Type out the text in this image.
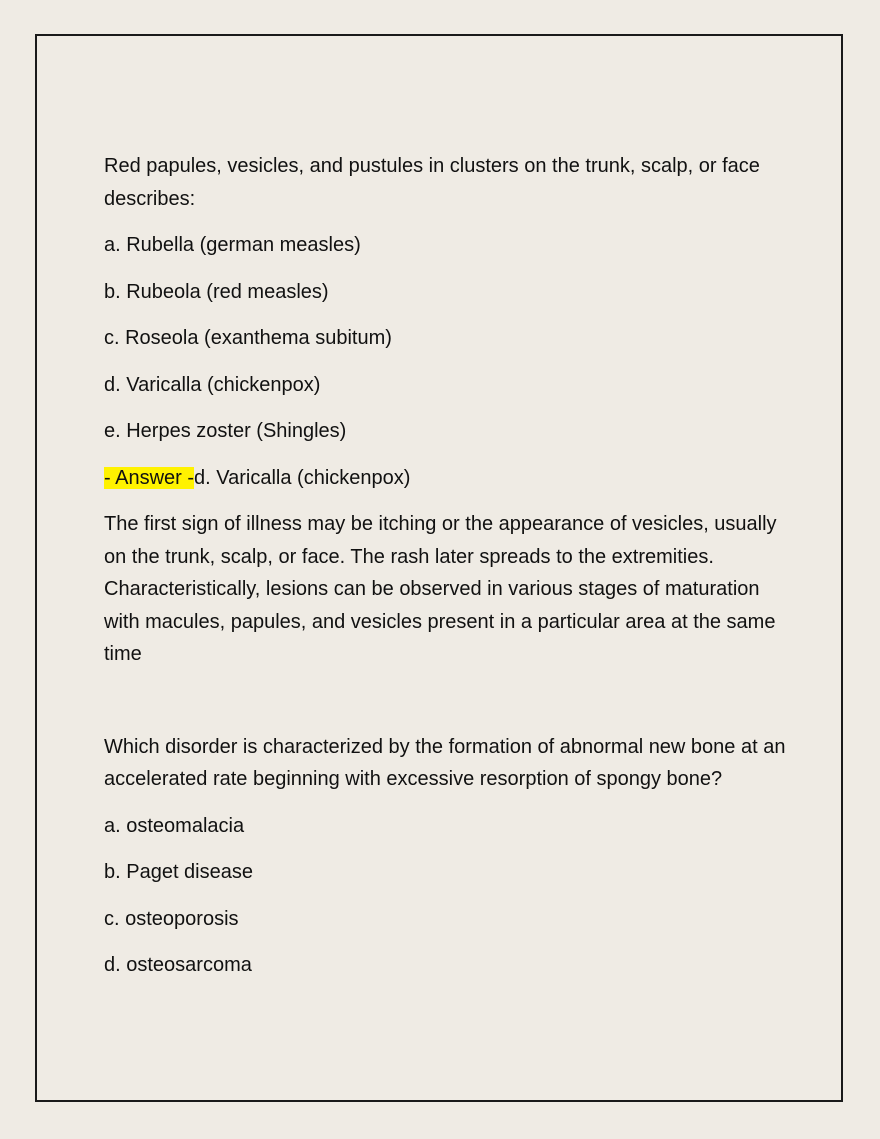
Red papules, vesicles, and pustules in clusters on the trunk, scalp, or face describes:

a. Rubella (german measles)

b. Rubeola (red measles)

c. Roseola (exanthema subitum)

d. Varicalla (chickenpox)

e. Herpes zoster (Shingles)

- Answer -d. Varicalla (chickenpox)

The first sign of illness may be itching or the appearance of vesicles, usually on the trunk, scalp, or face. The rash later spreads to the extremities. Characteristically, lesions can be observed in various stages of maturation with macules, papules, and vesicles present in a particular area at the same time

Which disorder is characterized by the formation of abnormal new bone at an accelerated rate beginning with excessive resorption of spongy bone?

a. osteomalacia

b. Paget disease

c. osteoporosis

d. osteosarcoma
